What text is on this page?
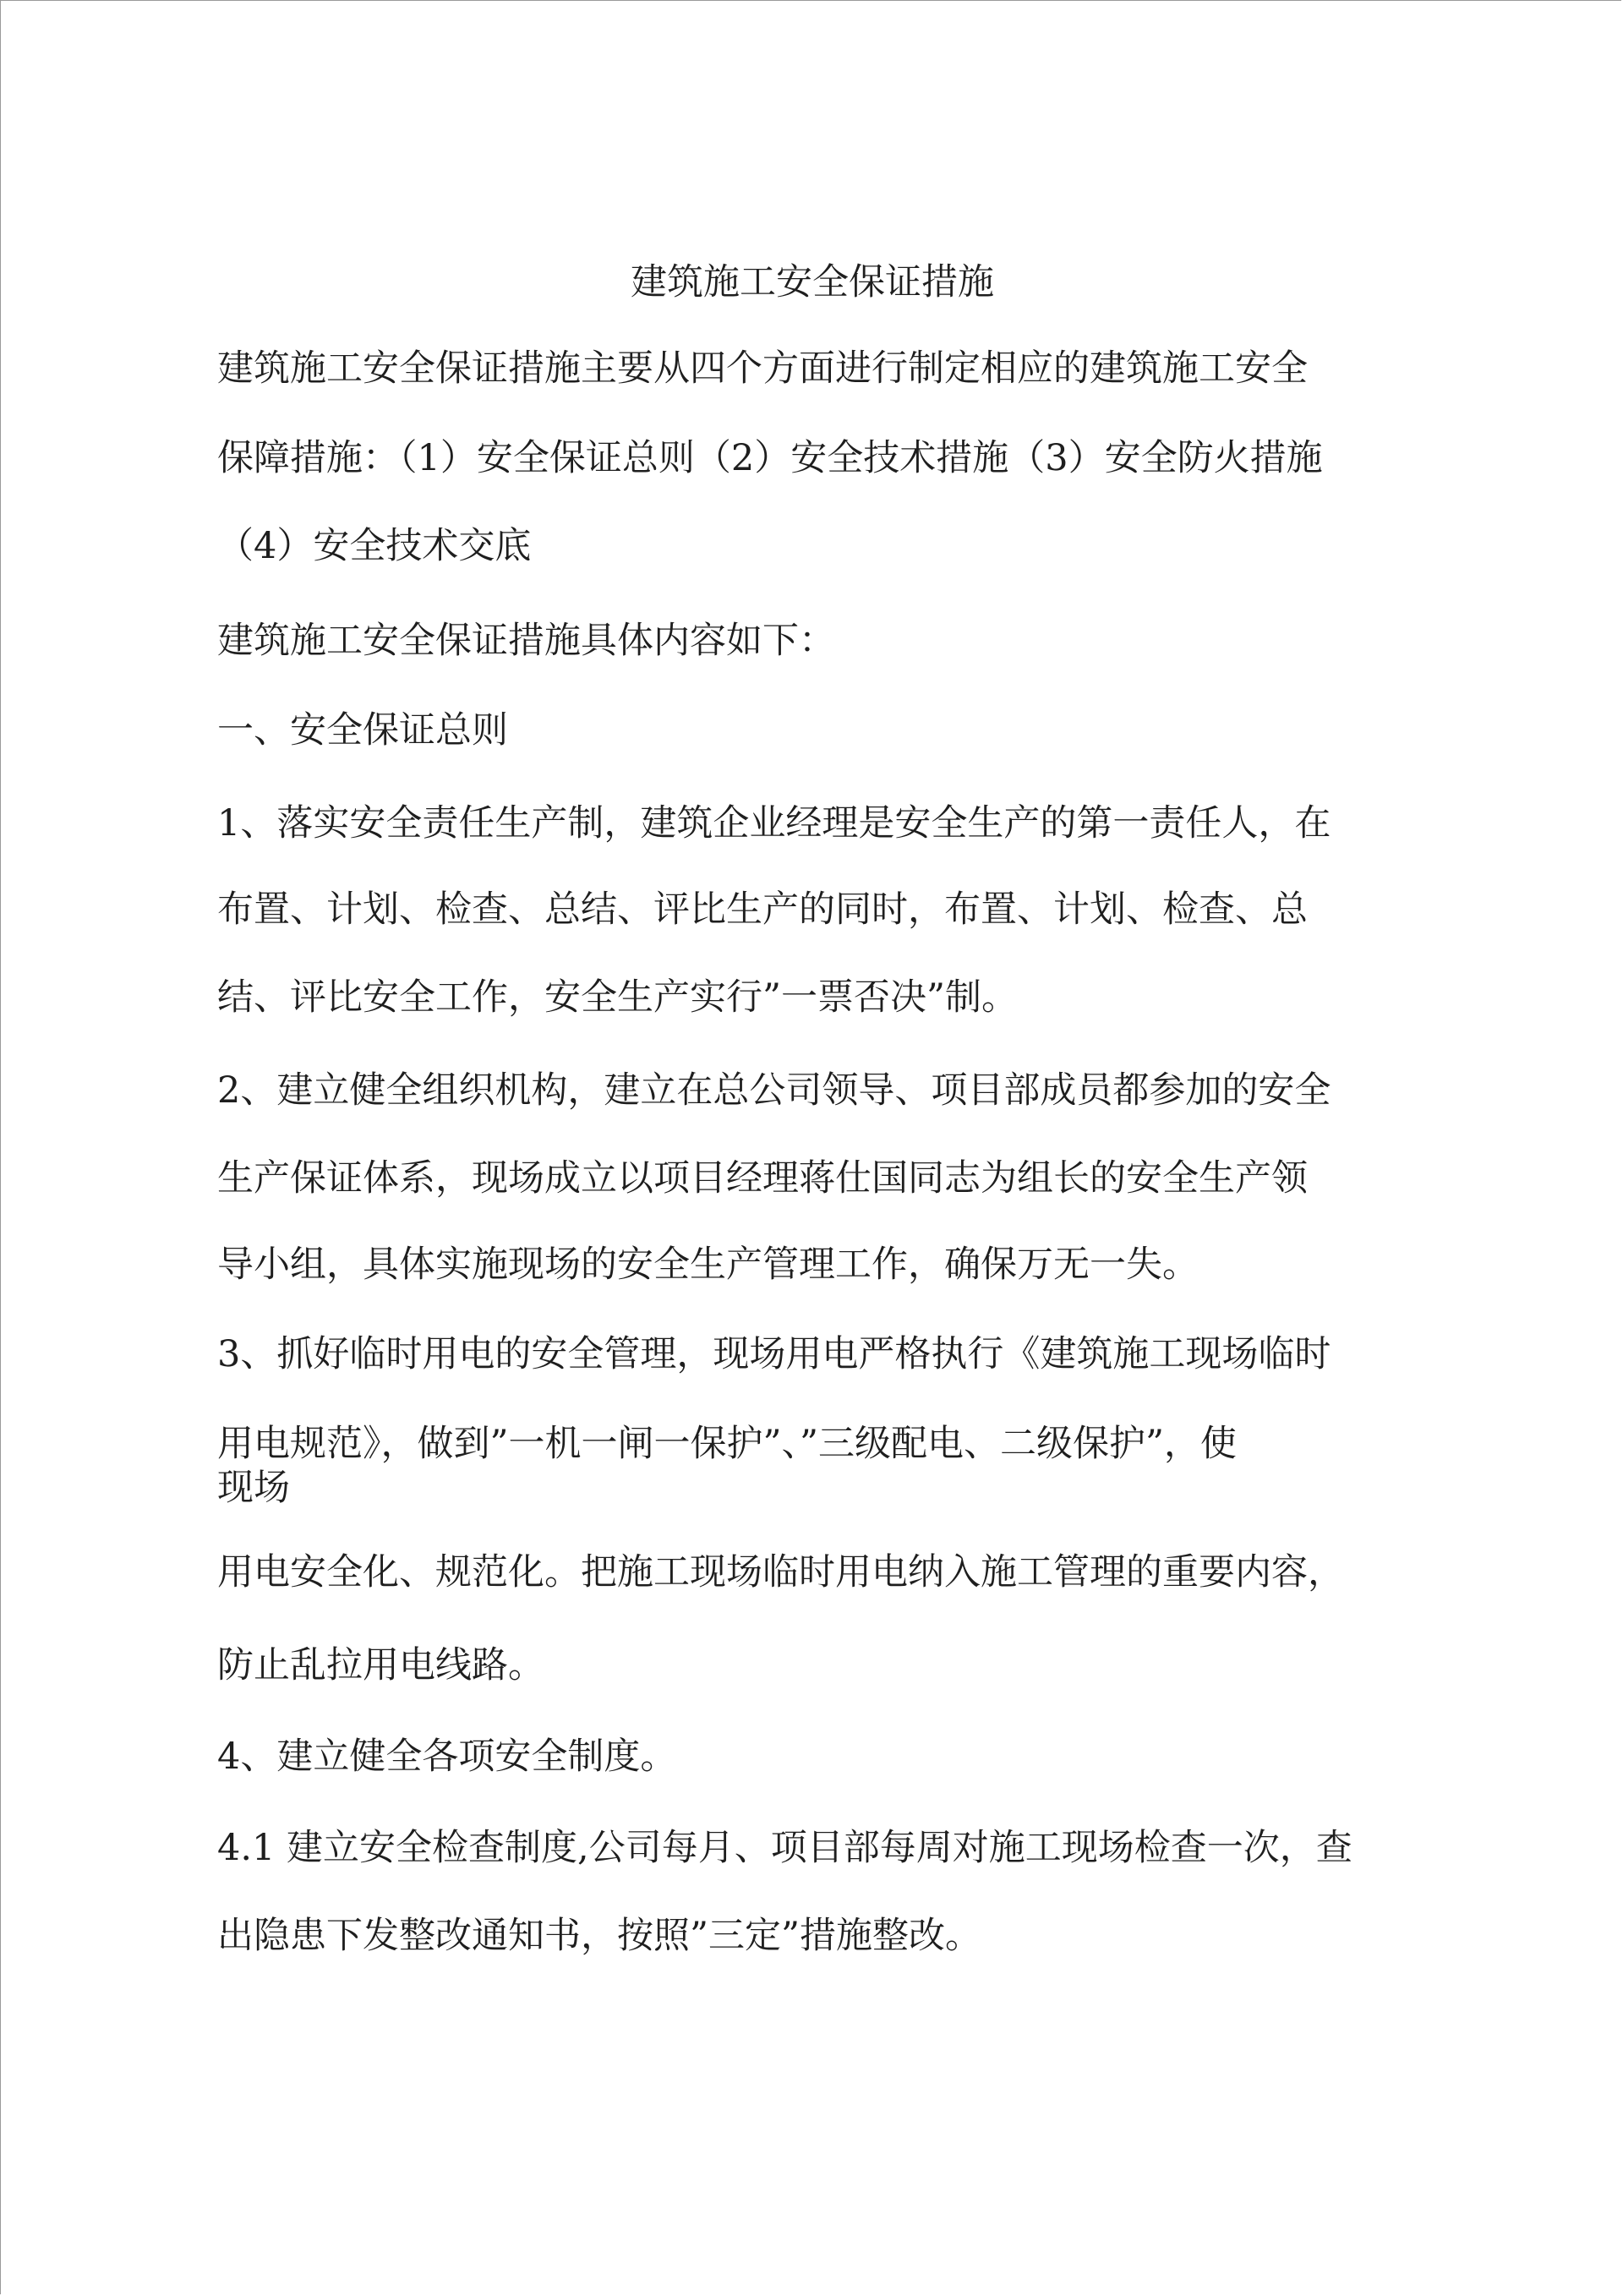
建筑施工安全保证措施
建筑施工安全保证措施主要从四个方面进行制定相应的建筑施工安全
保障措施：（1）安全保证总则（2）安全技术措施（3）安全防火措施
（4）安全技术交底
建筑施工安全保证措施具体内容如下：
一、安全保证总则
1、落实安全责任生产制，建筑企业经理是安全生产的第一责任人，在
布置、计划、检查、总结、评比生产的同时，布置、计划、检查、总
结、评比安全工作，安全生产实行”一票否决”制。
2、建立健全组织机构，建立在总公司领导、项目部成员都参加的安全
生产保证体系，现场成立以项目经理蒋仕国同志为组长的安全生产领
导小组，具体实施现场的安全生产管理工作，确保万无一失。
3、抓好临时用电的安全管理，现场用电严格执行《建筑施工现场临时
用电规范》，做到”一机一闸一保护”、”三级配电、二级保护”，使
现场
用电安全化、规范化。把施工现场临时用电纳入施工管理的重要内容，
防止乱拉用电线路。
4、建立健全各项安全制度。
4.1 建立安全检查制度,公司每月、项目部每周对施工现场检查一次，查
出隐患下发整改通知书，按照”三定”措施整改。
